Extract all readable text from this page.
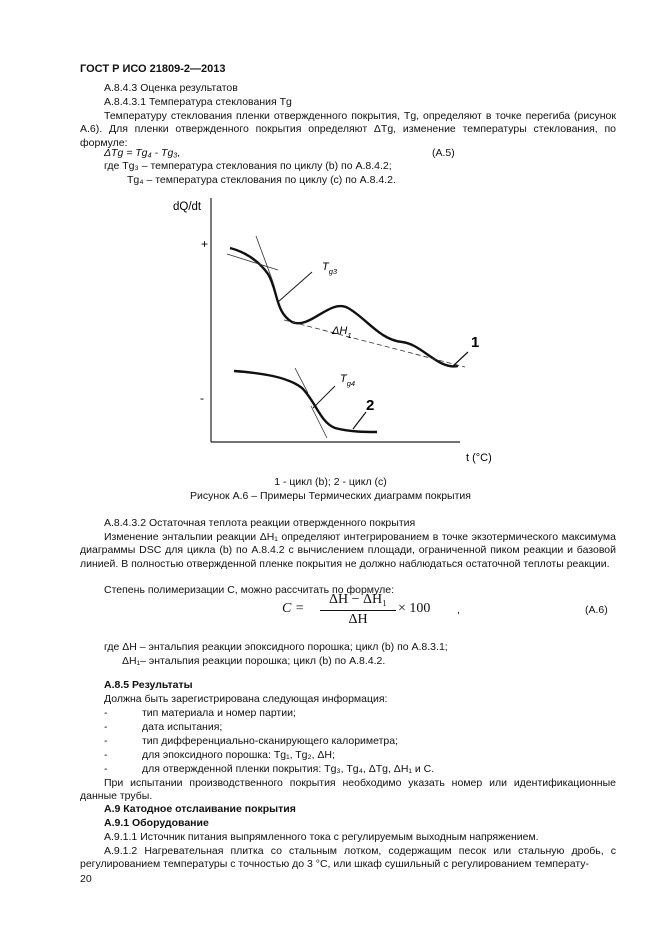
ГОСТ Р ИСО 21809-2—2013
А.8.4.3 Оценка результатов
А.8.4.3.1 Температура стеклования Tg
Температуру стеклования пленки отвержденного покрытия, Tg, определяют в точке перегиба (рисунок А.6). Для пленки отвержденного покрытия определяют ΔTg, изменение температуры стеклования, по формуле:
ΔTg = Tg₄ - Tg₃,	(А.5)
где Tg₃ – температура стеклования по циклу (b) по А.8.4.2;
Tg₄ – температура стеклования по циклу (с) по А.8.4.2.
dQ/dt
+
-
t (°C)
$T_{g3}$
$\Delta H_1$	1
$T_{g4}$
2
1 - цикл (b); 2 - цикл (c)
Рисунок А.6 – Примеры Термических диаграмм покрытия
А.8.4.3.2 Остаточная теплота реакции отвержденного покрытия
Изменение энтальпии реакции ΔH₁ определяют интегрированием в точке экзотермического максимума диаграммы DSC для цикла (b) по А.8.4.2 с вычислением площади, ограниченной пиком реакции и базовой линией. В полностью отвержденной пленке покрытия не должно наблюдаться остаточной теплоты реакции.
Степень полимеризации C, можно рассчитать по формуле:
C =
ΔH − ΔH₁
ΔH
× 100	,	(А.6)
где ΔH – энтальпия реакции эпоксидного порошка; цикл (b) по А.8.3.1;
ΔH₁– энтальпия реакции порошка; цикл (b) по А.8.4.2.
А.8.5 Результаты
Должна быть зарегистрирована следующая информация:
-	тип материала и номер партии;
-	дата испытания;
-	тип дифференциально-сканирующего калориметра;
-	для эпоксидного порошка: Tg₁, Tg₂, ΔH;
-	для отвержденной пленки покрытия: Tg₃, Tg₄, ΔTg, ΔH₁ и C.
При испытании производственного покрытия необходимо указать номер или идентификационные данные трубы.
А.9 Катодное отслаивание покрытия
А.9.1 Оборудование
А.9.1.1 Источник питания выпрямленного тока с регулируемым выходным напряжением.
А.9.1.2 Нагревательная плитка со стальным лотком, содержащим песок или стальную дробь, с регулированием температуры с точностью до 3 °С, или шкаф сушильный с регулированием температу-
20
